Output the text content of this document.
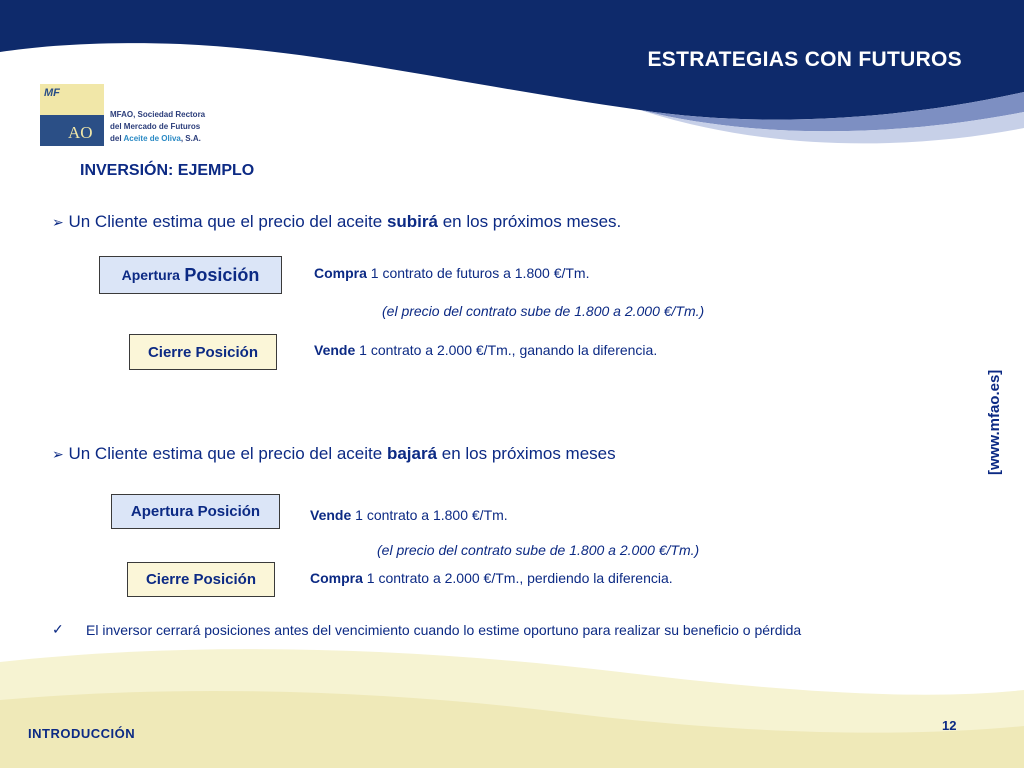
ESTRATEGIAS CON FUTUROS
MF
AO
MFAO, Sociedad Rectora
del Mercado de Futuros
del Aceite de Oliva, S.A.
INVERSIÓN: EJEMPLO
➢ Un Cliente estima que el precio del aceite subirá en los próximos meses.
Apertura
Posición	Compra 1 contrato de futuros a 1.800 €/Tm.
(el precio del contrato sube de 1.800 a 2.000 €/Tm.)
Cierre Posición	Vende 1 contrato a 2.000 €/Tm., ganando la diferencia.
➢ Un Cliente estima que el precio del aceite bajará en los próximos meses
Apertura Posición	Vende 1 contrato a 1.800 €/Tm.
(el precio del contrato sube de 1.800 a 2.000 €/Tm.)
Cierre Posición	Compra 1 contrato a 2.000 €/Tm., perdiendo la diferencia.
✓ El inversor cerrará posiciones antes del vencimiento cuando lo estime oportuno para realizar su beneficio o pérdida
[www.mfao.es]
INTRODUCCIÓN
12
